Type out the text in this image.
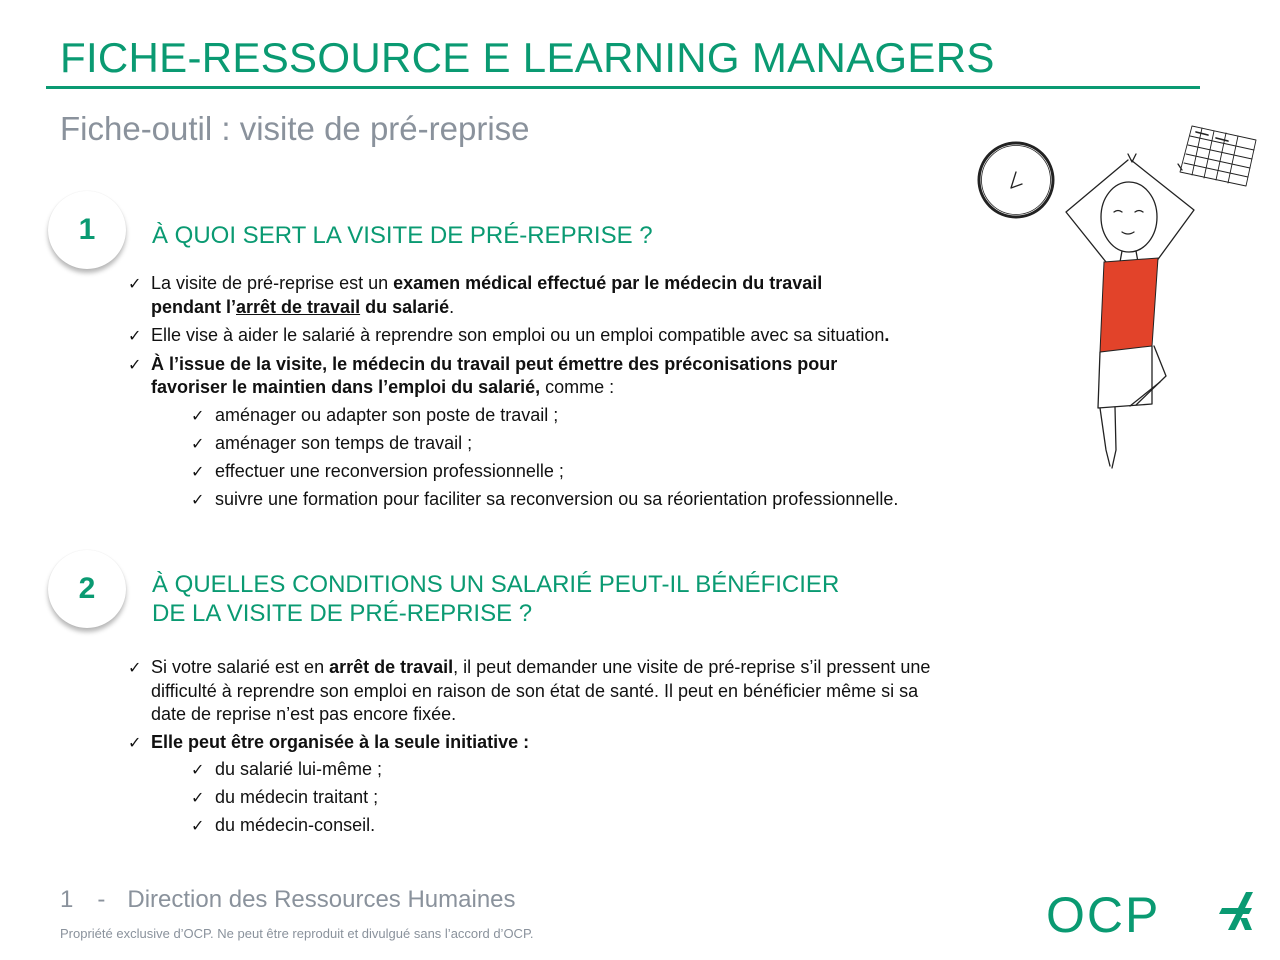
FICHE-RESSOURCE E LEARNING MANAGERS
Fiche-outil : visite de pré-reprise
1	À QUOI SERT LA VISITE DE PRÉ-REPRISE ?
✓ La visite de pré-reprise est un examen médical effectué par le médecin du travail
pendant l’arrêt de travail du salarié.
✓ Elle vise à aider le salarié à reprendre son emploi ou un emploi compatible avec sa situation.
✓ À l’issue de la visite, le médecin du travail peut émettre des préconisations pour
favoriser le maintien dans l’emploi du salarié, comme :
✓ aménager ou adapter son poste de travail ;
✓ aménager son temps de travail ;
✓ effectuer une reconversion professionnelle ;
✓ suivre une formation pour faciliter sa reconversion ou sa réorientation professionnelle.
2	À QUELLES CONDITIONS UN SALARIÉ PEUT-IL BÉNÉFICIER
DE LA VISITE DE PRÉ-REPRISE ?
✓ Si votre salarié est en arrêt de travail, il peut demander une visite de pré-reprise s’il pressent une
difficulté à reprendre son emploi en raison de son état de santé. Il peut en bénéficier même si sa
date de reprise n’est pas encore fixée.
✓ Elle peut être organisée à la seule initiative :
✓ du salarié lui-même ;
✓ du médecin traitant ;
✓ du médecin-conseil.
1 - Direction des Ressources Humaines
Propriété exclusive d’OCP. Ne peut être reproduit et divulgué sans l’accord d’OCP.	OCP
